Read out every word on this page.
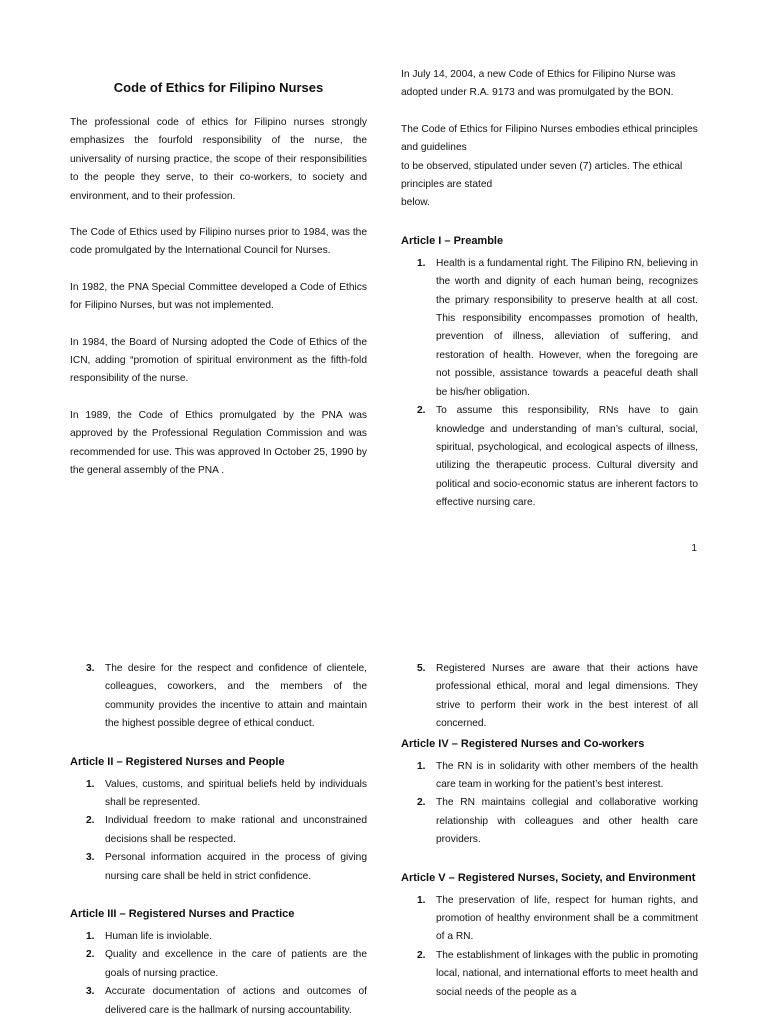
Code of Ethics for Filipino Nurses

The professional code of ethics for Filipino nurses strongly emphasizes the fourfold responsibility of the nurse, the universality of nursing practice, the scope of their responsibilities to the people they serve, to their co-workers, to society and environment, and to their profession.

The Code of Ethics used by Filipino nurses prior to 1984, was the code promulgated by the International Council for Nurses.

In 1982, the PNA Special Committee developed a Code of Ethics for Filipino Nurses, but was not implemented.

In 1984, the Board of Nursing adopted the Code of Ethics of the ICN, adding “promotion of spiritual environment as the fifth-fold responsibility of the nurse.

In 1989, the Code of Ethics promulgated by the PNA was approved by the Professional Regulation Commission and was recommended for use. This was approved In October 25, 1990 by the general assembly of the PNA .

In July 14, 2004, a new Code of Ethics for Filipino Nurse was adopted under R.A. 9173 and was promulgated by the BON.

The Code of Ethics for Filipino Nurses embodies ethical principles and guidelines
to be observed, stipulated under seven (7) articles. The ethical principles are stated
below.
Article I – Preamble
1. Health is a fundamental right. The Filipino RN, believing in the worth and dignity of each human being, recognizes the primary responsibility to preserve health at all cost. This responsibility encompasses promotion of health, prevention of illness, alleviation of suffering, and restoration of health. However, when the foregoing are not possible, assistance towards a peaceful death shall be his/her obligation.
2. To assume this responsibility, RNs have to gain knowledge and understanding of man’s cultural, social, spiritual, psychological, and ecological aspects of illness, utilizing the therapeutic process. Cultural diversity and political and socio-economic status are inherent factors to effective nursing care.
1
3. The desire for the respect and confidence of clientele, colleagues, coworkers, and the members of the community provides the incentive to attain and maintain the highest possible degree of ethical conduct.
Article II – Registered Nurses and People
1. Values, customs, and spiritual beliefs held by individuals shall be represented.
2. Individual freedom to make rational and unconstrained decisions shall be respected.
3. Personal information acquired in the process of giving nursing care shall be held in strict confidence.
Article III – Registered Nurses and Practice
1. Human life is inviolable.
2. Quality and excellence in the care of patients are the goals of nursing practice.
3. Accurate documentation of actions and outcomes of delivered care is the hallmark of nursing accountability.
5. Registered Nurses are aware that their actions have professional ethical, moral and legal dimensions. They strive to perform their work in the best interest of all concerned.
Article IV – Registered Nurses and Co-workers
1. The RN is in solidarity with other members of the health care team in working for the patient’s best interest.
2. The RN maintains collegial and collaborative working relationship with colleagues and other health care providers.
Article V – Registered Nurses, Society, and Environment
1. The preservation of life, respect for human rights, and promotion of healthy environment shall be a commitment of a RN.
2. The establishment of linkages with the public in promoting local, national, and international efforts to meet health and social needs of the people as a
